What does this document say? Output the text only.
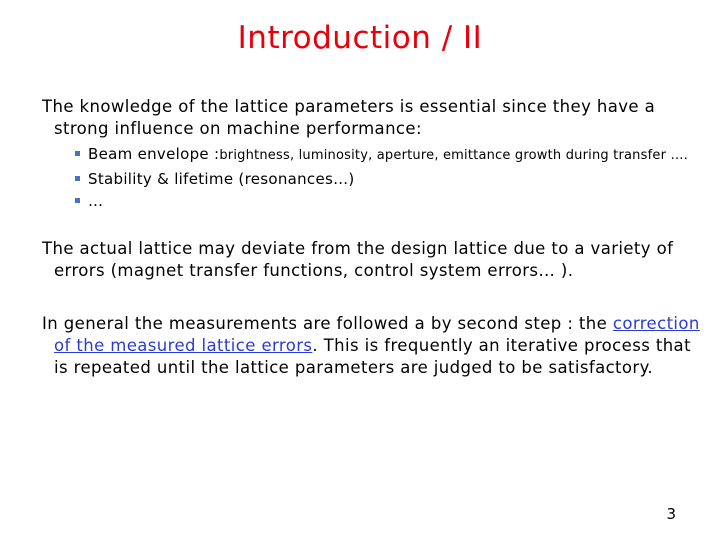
Introduction / II
The knowledge of the lattice parameters is essential since they have a
strong influence on machine performance:
Beam envelope : brightness, luminosity, aperture, emittance growth during transfer ….
Stability & lifetime (resonances…)
…
The actual lattice may deviate from the design lattice due to a variety of
errors (magnet transfer functions, control system errors… ).
In general the measurements are followed a by second step : the correction
of the measured lattice errors. This is frequently an iterative process that
is repeated until the lattice parameters are judged to be satisfactory.
3
